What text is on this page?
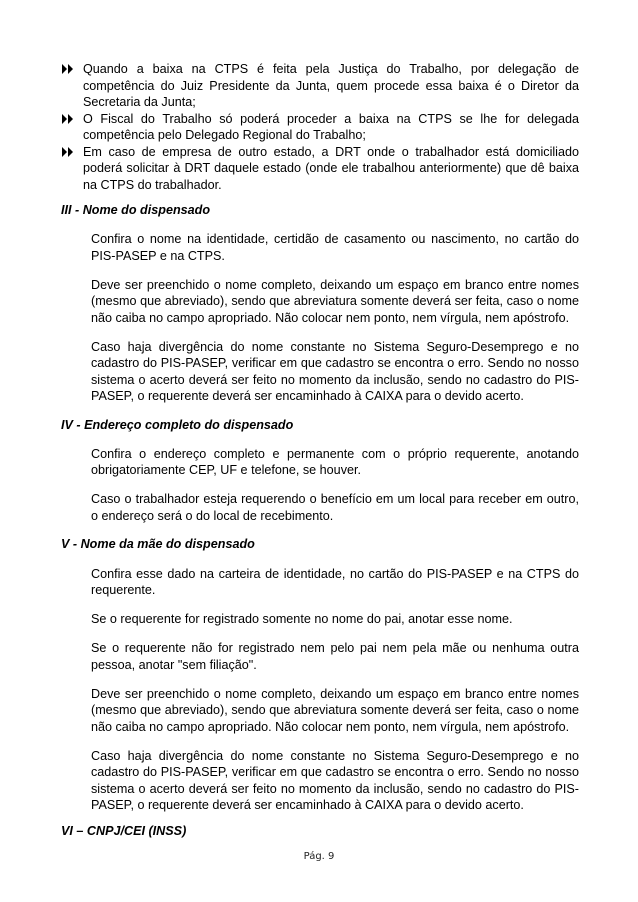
Quando a baixa na CTPS é feita pela Justiça do Trabalho, por delegação de competência do Juiz Presidente da Junta, quem procede essa baixa é o Diretor da Secretaria da Junta;
O Fiscal do Trabalho só poderá proceder a baixa na CTPS se lhe for delegada competência pelo Delegado Regional do Trabalho;
Em caso de empresa de outro estado, a DRT onde o trabalhador está domiciliado poderá solicitar à DRT daquele estado (onde ele trabalhou anteriormente) que dê baixa na CTPS do trabalhador.
III - Nome do dispensado

Confira o nome na identidade, certidão de casamento ou nascimento, no cartão do PIS-PASEP e na CTPS.

Deve ser preenchido o nome completo, deixando um espaço em branco entre nomes (mesmo que abreviado), sendo que abreviatura somente deverá ser feita, caso o nome não caiba no campo apropriado. Não colocar nem ponto, nem vírgula, nem apóstrofo.

Caso haja divergência do nome constante no Sistema Seguro-Desemprego e no cadastro do PIS-PASEP, verificar em que cadastro se encontra o erro. Sendo no nosso sistema o acerto deverá ser feito no momento da inclusão, sendo no cadastro do PIS-PASEP, o requerente deverá ser encaminhado à CAIXA para o devido acerto.

IV - Endereço completo do dispensado

Confira o endereço completo e permanente com o próprio requerente, anotando obrigatoriamente CEP, UF e telefone, se houver.

Caso o trabalhador esteja requerendo o benefício em um local para receber em outro, o endereço será o do local de recebimento.

V - Nome da mãe do dispensado

Confira esse dado na carteira de identidade, no cartão do PIS-PASEP e na CTPS do requerente.

Se o requerente for registrado somente no nome do pai, anotar esse nome.

Se o requerente não for registrado nem pelo pai nem pela mãe ou nenhuma outra pessoa, anotar "sem filiação".

Deve ser preenchido o nome completo, deixando um espaço em branco entre nomes (mesmo que abreviado), sendo que abreviatura somente deverá ser feita, caso o nome não caiba no campo apropriado. Não colocar nem ponto, nem vírgula, nem apóstrofo.

Caso haja divergência do nome constante no Sistema Seguro-Desemprego e no cadastro do PIS-PASEP, verificar em que cadastro se encontra o erro. Sendo no nosso sistema o acerto deverá ser feito no momento da inclusão, sendo no cadastro do PIS-PASEP, o requerente deverá ser encaminhado à CAIXA para o devido acerto.

VI – CNPJ/CEI (INSS)
Pág. 9
